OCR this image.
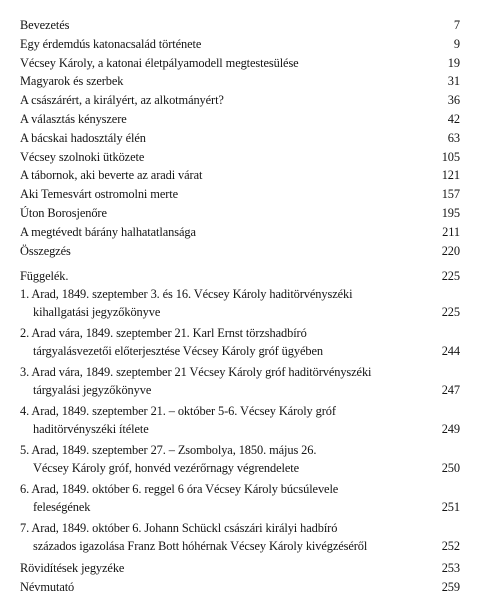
Bevezetés	7
Egy érdemdús katonacsalád története	9
Vécsey Károly, a katonai életpályamodell megtestesülése	19
Magyarok és szerbek	31
A császárért, a királyért, az alkotmányért?	36
A választás kényszere	42
A bácskai hadosztály élén	63
Vécsey szolnoki ütközete	105
A tábornok, aki beverte az aradi várat	121
Aki Temesvárt ostromolni merte	157
Úton Borosjenőre	195
A megtévedt bárány halhatatlansága	211
Összegzés	220
Függelék.	225
1. Arad, 1849. szeptember 3. és 16. Vécsey Károly haditörvényszéki
kihallgatási jegyzőkönyve	225
2. Arad vára, 1849. szeptember 21. Karl Ernst törzshadbíró
tárgyalásvezetői előterjesztése Vécsey Károly gróf ügyében	244
3. Arad vára, 1849. szeptember 21 Vécsey Károly gróf haditörvényszéki
tárgyalási jegyzőkönyve	247
4. Arad, 1849. szeptember 21. – október 5-6. Vécsey Károly gróf
haditörvényszéki ítélete	249
5. Arad, 1849. szeptember 27. – Zsombolya, 1850. május 26.
Vécsey Károly gróf, honvéd vezérőrnagy végrendelete	250
6. Arad, 1849. október 6. reggel 6 óra Vécsey Károly búcsúlevele
feleségének	251
7. Arad, 1849. október 6. Johann Schückl császári királyi hadbíró
százados igazolása Franz Bott hóhérnak Vécsey Károly kivégzéséről	252
Rövidítések jegyzéke	253
Névmutató	259
